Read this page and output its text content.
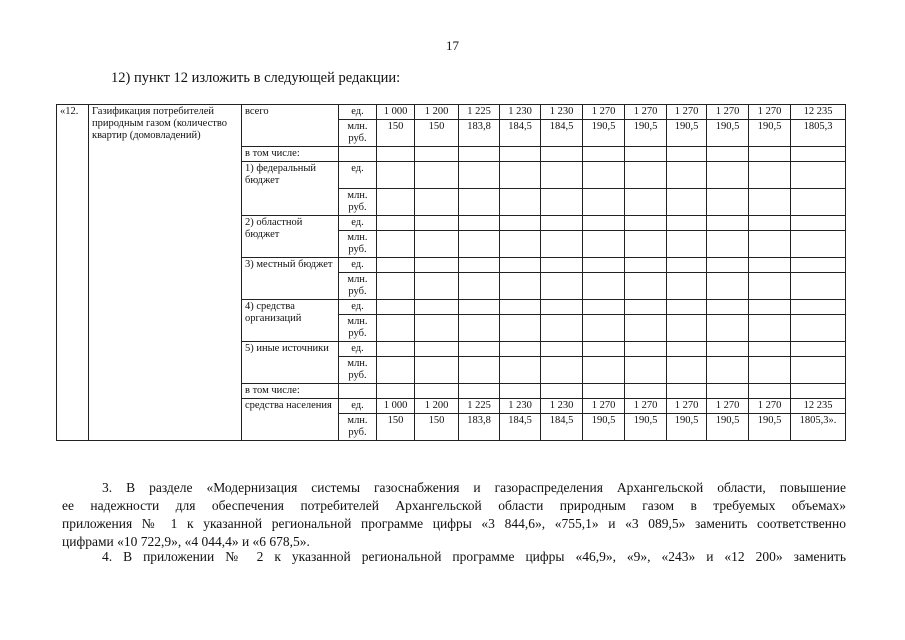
17
12) пункт 12 изложить в следующей редакции:
«12.	Газификация потребителей природным газом (количество квартир (домовладений)	всего	ед.	1 000	1 200	1 225	1 230	1 230	1 270	1 270	1 270	1 270	1 270	12 235
			млн. руб.	150	150	183,8	184,5	184,5	190,5	190,5	190,5	190,5	190,5	1805,3
		в том числе:												
		1) федеральный бюджет	ед.											
			млн. руб.											
		2) областной бюджет	ед.											
			млн. руб.											
		3) местный бюджет	ед.											
			млн. руб.											
		4) средства организаций	ед.											
			млн. руб.											
		5) иные источники	ед.											
			млн. руб.											
		в том числе:												
		средства населения	ед.	1 000	1 200	1 225	1 230	1 230	1 270	1 270	1 270	1 270	1 270	12 235
			млн. руб.	150	150	183,8	184,5	184,5	190,5	190,5	190,5	190,5	190,5	1805,3».
3. В разделе «Модернизация системы газоснабжения и газораспределения Архангельской области, повышение
ее надежности для обеспечения потребителей Архангельской области природным газом в требуемых объемах»
приложения № 1 к указанной региональной программе цифры «3 844,6», «755,1» и «3 089,5» заменить соответственно
цифрами «10 722,9», «4 044,4» и «6 678,5».
4. В приложении № 2 к указанной региональной программе цифры «46,9», «9», «243» и «12 200» заменить
